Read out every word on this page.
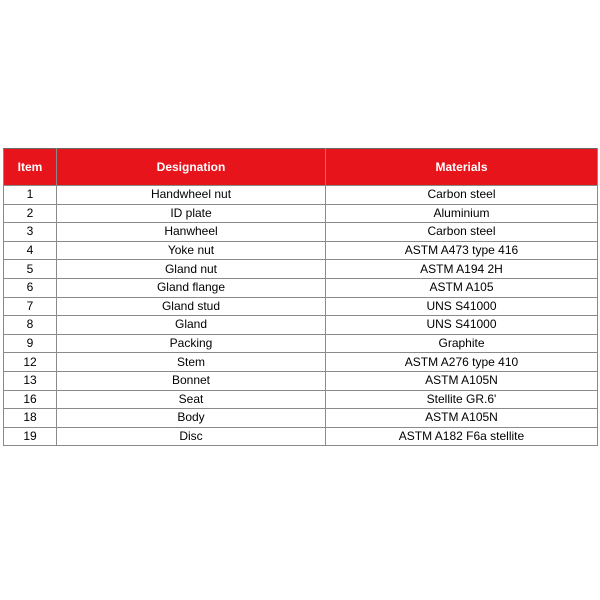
Item	Designation	Materials
1	Handwheel nut	Carbon steel
2	ID plate	Aluminium
3	Hanwheel	Carbon steel
4	Yoke nut	ASTM A473 type 416
5	Gland nut	ASTM A194 2H
6	Gland flange	ASTM A105
7	Gland stud	UNS S41000
8	Gland	UNS S41000
9	Packing	Graphite
12	Stem	ASTM A276 type 410
13	Bonnet	ASTM A105N
16	Seat	Stellite GR.6'
18	Body	ASTM A105N
19	Disc	ASTM A182 F6a stellite
